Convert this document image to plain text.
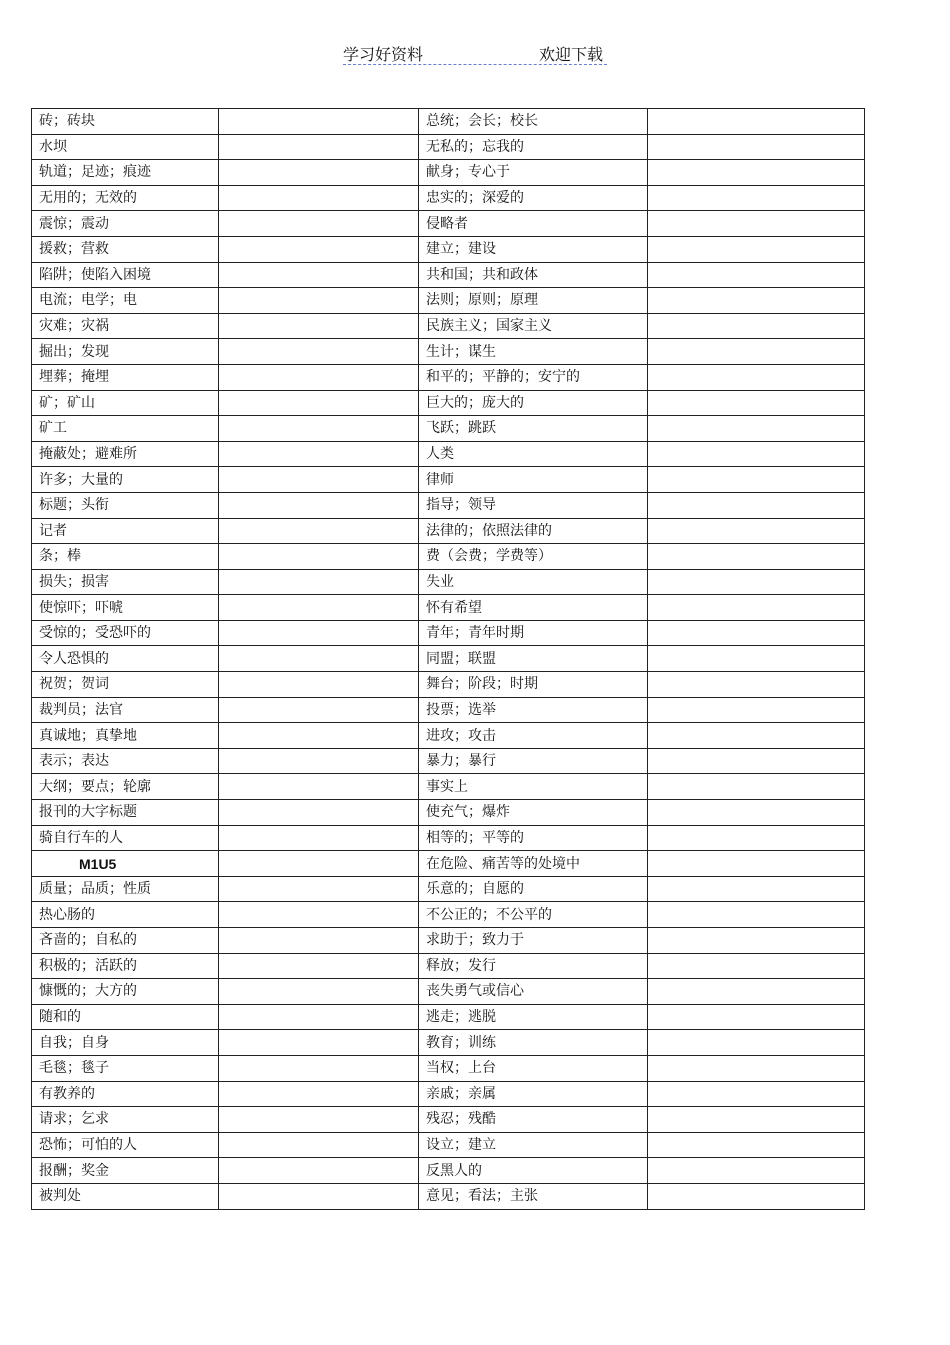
学习好资料	欢迎下载
砖；砖块		总统；会长；校长	
水坝		无私的；忘我的	
轨道；足迹；痕迹		献身；专心于	
无用的；无效的		忠实的；深爱的	
震惊；震动		侵略者	
援救；营救		建立；建设	
陷阱；使陷入困境		共和国；共和政体	
电流；电学；电		法则；原则；原理	
灾难；灾祸		民族主义；国家主义	
掘出；发现		生计；谋生	
埋葬；掩埋		和平的；平静的；安宁的	
矿；矿山		巨大的；庞大的	
矿工		飞跃；跳跃	
掩蔽处；避难所		人类	
许多；大量的		律师	
标题；头衔		指导；领导	
记者		法律的；依照法律的	
条；棒		费（会费；学费等）	
损失；损害		失业	
使惊吓；吓唬		怀有希望	
受惊的；受恐吓的		青年；青年时期	
令人恐惧的		同盟；联盟	
祝贺；贺词		舞台；阶段；时期	
裁判员；法官		投票；选举	
真诚地；真挚地		进攻；攻击	
表示；表达		暴力；暴行	
大纲；要点；轮廓		事实上	
报刊的大字标题		使充气；爆炸	
骑自行车的人		相等的；平等的	
M1U5		在危险、痛苦等的处境中	
质量；品质；性质		乐意的；自愿的	
热心肠的		不公正的；不公平的	
吝啬的；自私的		求助于；致力于	
积极的；活跃的		释放；发行	
慷慨的；大方的		丧失勇气或信心	
随和的		逃走；逃脱	
自我；自身		教育；训练	
毛毯；毯子		当权；上台	
有教养的		亲戚；亲属	
请求；乞求		残忍；残酷	
恐怖；可怕的人		设立；建立	
报酬；奖金		反黑人的	
被判处		意见；看法；主张	
